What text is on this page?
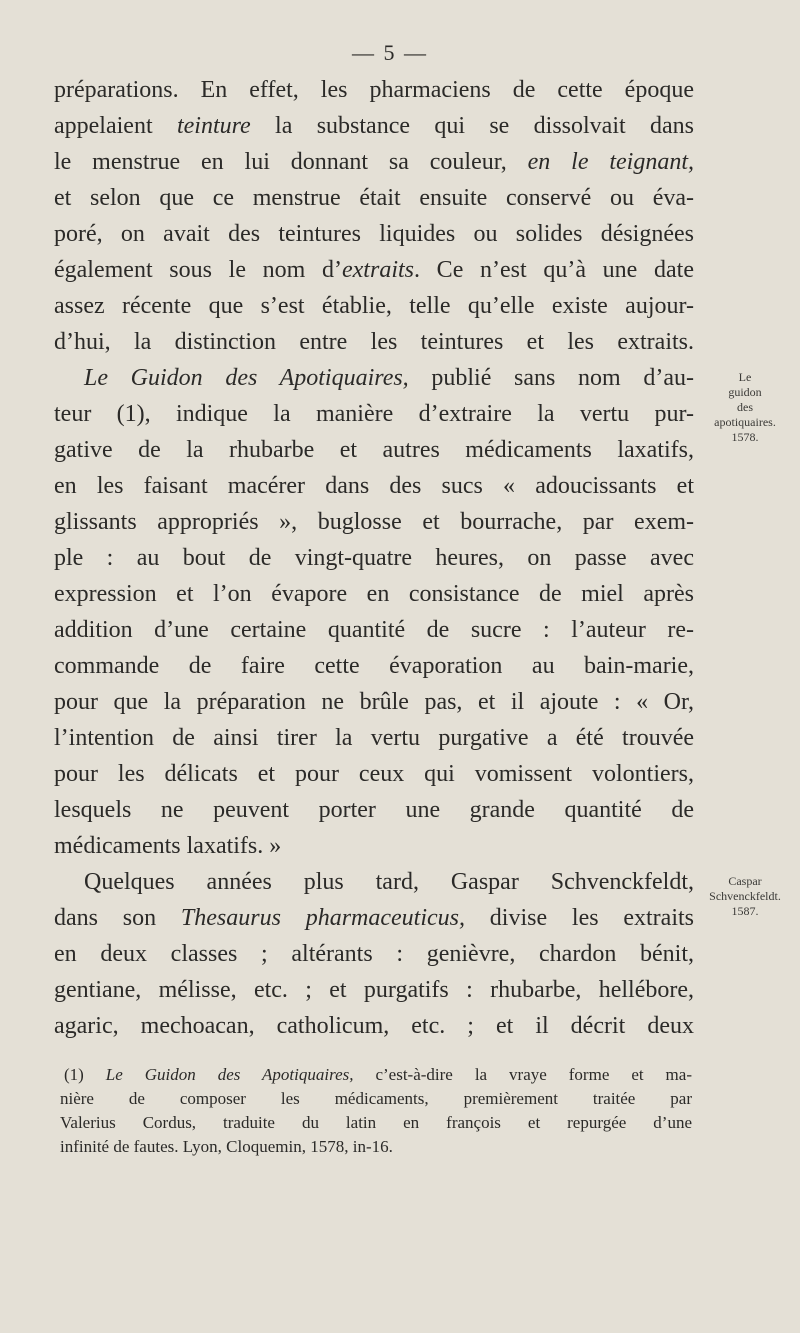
— 5 —
préparations. En effet, les pharmaciens de cette époque
appelaient teinture la substance qui se dissolvait dans
le menstrue en lui donnant sa couleur, en le teignant,
et selon que ce menstrue était ensuite conservé ou éva-
poré, on avait des teintures liquides ou solides désignées
également sous le nom d’extraits. Ce n’est qu’à une date
assez récente que s’est établie, telle qu’elle existe aujour-
d’hui, la distinction entre les teintures et les extraits.
Le Guidon des Apotiquaires, publié sans nom d’au-
teur (1), indique la manière d’extraire la vertu pur-
gative de la rhubarbe et autres médicaments laxatifs,
en les faisant macérer dans des sucs « adoucissants et
glissants appropriés », buglosse et bourrache, par exem-
ple : au bout de vingt-quatre heures, on passe avec
expression et l’on évapore en consistance de miel après
addition d’une certaine quantité de sucre : l’auteur re-
commande de faire cette évaporation au bain-marie,
pour que la préparation ne brûle pas, et il ajoute : « Or,
l’intention de ainsi tirer la vertu purgative a été trouvée
pour les délicats et pour ceux qui vomissent volontiers,
lesquels ne peuvent porter une grande quantité de
médicaments laxatifs. »
Quelques années plus tard, Gaspar Schvenckfeldt,
dans son Thesaurus pharmaceuticus, divise les extraits
en deux classes ; altérants : genièvre, chardon bénit,
gentiane, mélisse, etc. ; et purgatifs : rhubarbe, hellébore,
agaric, mechoacan, catholicum, etc. ; et il décrit deux
Le
guidon
des
apotiquaires.
1578.
Caspar
Schvenckfeldt.
1587.
(1) Le Guidon des Apotiquaires, c’est-à-dire la vraye forme et ma-
nière de composer les médicaments, premièrement traitée par
Valerius Cordus, traduite du latin en françois et repurgée d’une
infinité de fautes. Lyon, Cloquemin, 1578, in-16.
